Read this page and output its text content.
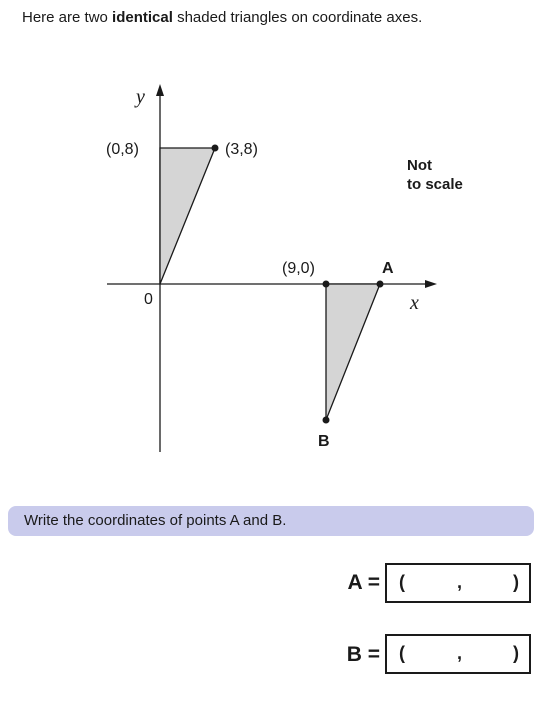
Here are two identical shaded triangles on coordinate axes.
y
x
0
(0,8)	(3,8)
(9,0)	A
B
Not
to scale
Write the coordinates of points A and B.
A = (	,	)
B = (	,	)
